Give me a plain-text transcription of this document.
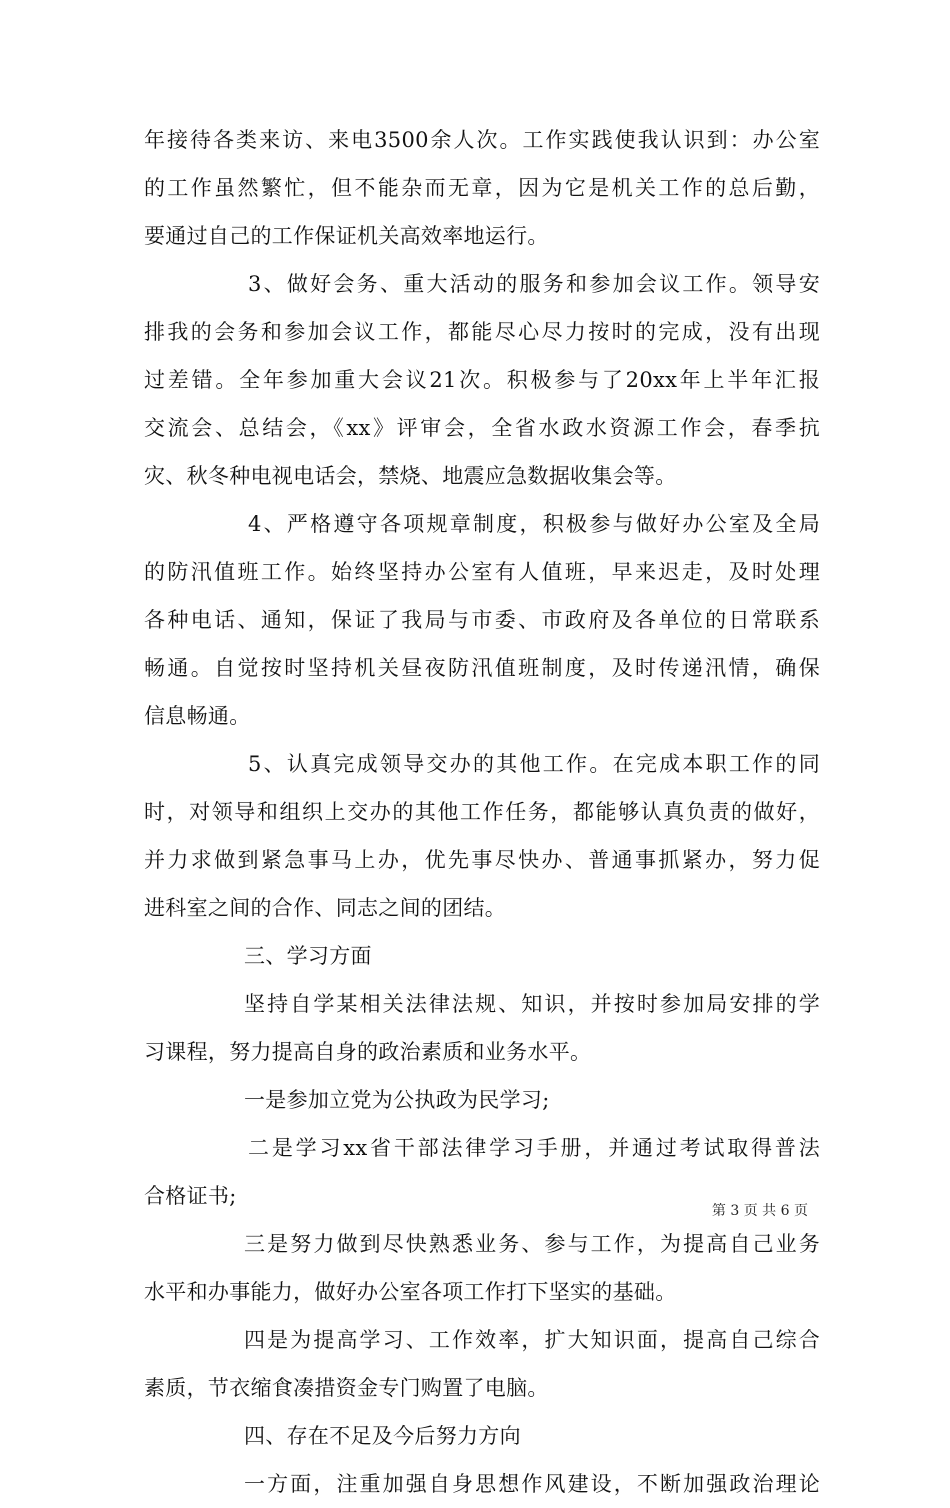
年接待各类来访、来电3500余人次。工作实践使我认识到：办公室
的工作虽然繁忙，但不能杂而无章，因为它是机关工作的总后勤，
要通过自己的工作保证机关高效率地运行。
3、做好会务、重大活动的服务和参加会议工作。领导安
排我的会务和参加会议工作，都能尽心尽力按时的完成，没有出现
过差错。全年参加重大会议21次。积极参与了20xx年上半年汇报
交流会、总结会，《xx》评审会，全省水政水资源工作会，春季抗
灾、秋冬种电视电话会，禁烧、地震应急数据收集会等。
4、严格遵守各项规章制度，积极参与做好办公室及全局
的防汛值班工作。始终坚持办公室有人值班，早来迟走，及时处理
各种电话、通知，保证了我局与市委、市政府及各单位的日常联系
畅通。自觉按时坚持机关昼夜防汛值班制度，及时传递汛情，确保
信息畅通。
5、认真完成领导交办的其他工作。在完成本职工作的同
时，对领导和组织上交办的其他工作任务，都能够认真负责的做好，
并力求做到紧急事马上办，优先事尽快办、普通事抓紧办，努力促
进科室之间的合作、同志之间的团结。
三、学习方面
坚持自学某相关法律法规、知识，并按时参加局安排的学
习课程，努力提高自身的政治素质和业务水平。
一是参加立党为公执政为民学习;
二是学习xx省干部法律学习手册，并通过考试取得普法
合格证书;
三是努力做到尽快熟悉业务、参与工作，为提高自己业务
水平和办事能力，做好办公室各项工作打下坚实的基础。
四是为提高学习、工作效率，扩大知识面，提高自己综合
素质，节衣缩食凑措资金专门购置了电脑。
四、存在不足及今后努力方向
一方面，注重加强自身思想作风建设，不断加强政治理论
第 3 页 共 6 页
